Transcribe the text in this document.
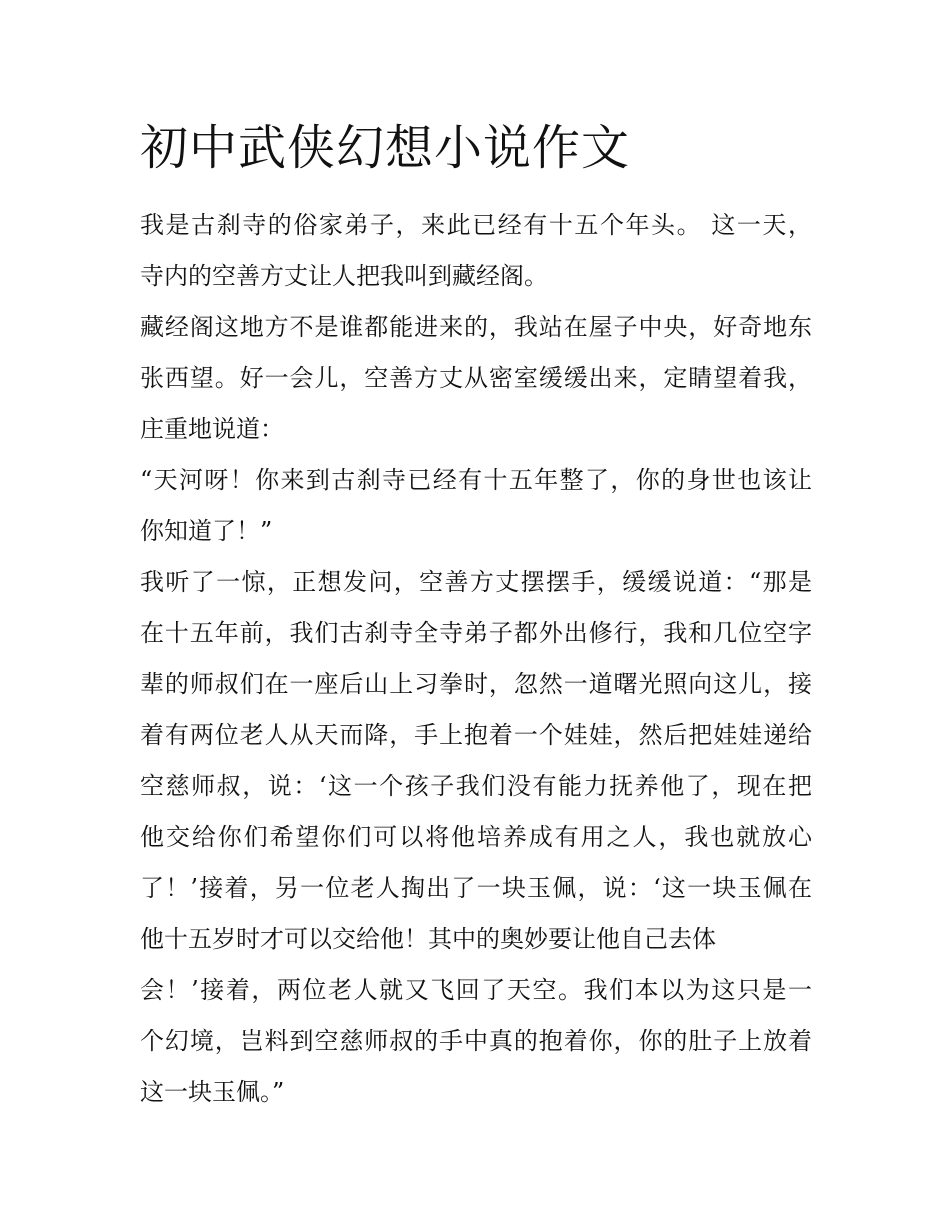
初中武侠幻想小说作文
我是古刹寺的俗家弟子，来此已经有十五个年头。 这一天，
寺内的空善方丈让人把我叫到藏经阁。
藏经阁这地方不是谁都能进来的，我站在屋子中央，好奇地东
张西望。好一会儿，空善方丈从密室缓缓出来，定睛望着我，
庄重地说道：
“天河呀！你来到古刹寺已经有十五年整了，你的身世也该让
你知道了！”
我听了一惊，正想发问，空善方丈摆摆手，缓缓说道：“那是
在十五年前，我们古刹寺全寺弟子都外出修行，我和几位空字
辈的师叔们在一座后山上习拳时，忽然一道曙光照向这儿，接
着有两位老人从天而降，手上抱着一个娃娃，然后把娃娃递给
空慈师叔，说：‘这一个孩子我们没有能力抚养他了，现在把
他交给你们希望你们可以将他培养成有用之人，我也就放心
了！’接着，另一位老人掏出了一块玉佩，说：‘这一块玉佩在
他十五岁时才可以交给他！其中的奥妙要让他自己去体
会！’接着，两位老人就又飞回了天空。我们本以为这只是一
个幻境，岂料到空慈师叔的手中真的抱着你，你的肚子上放着
这一块玉佩。”
